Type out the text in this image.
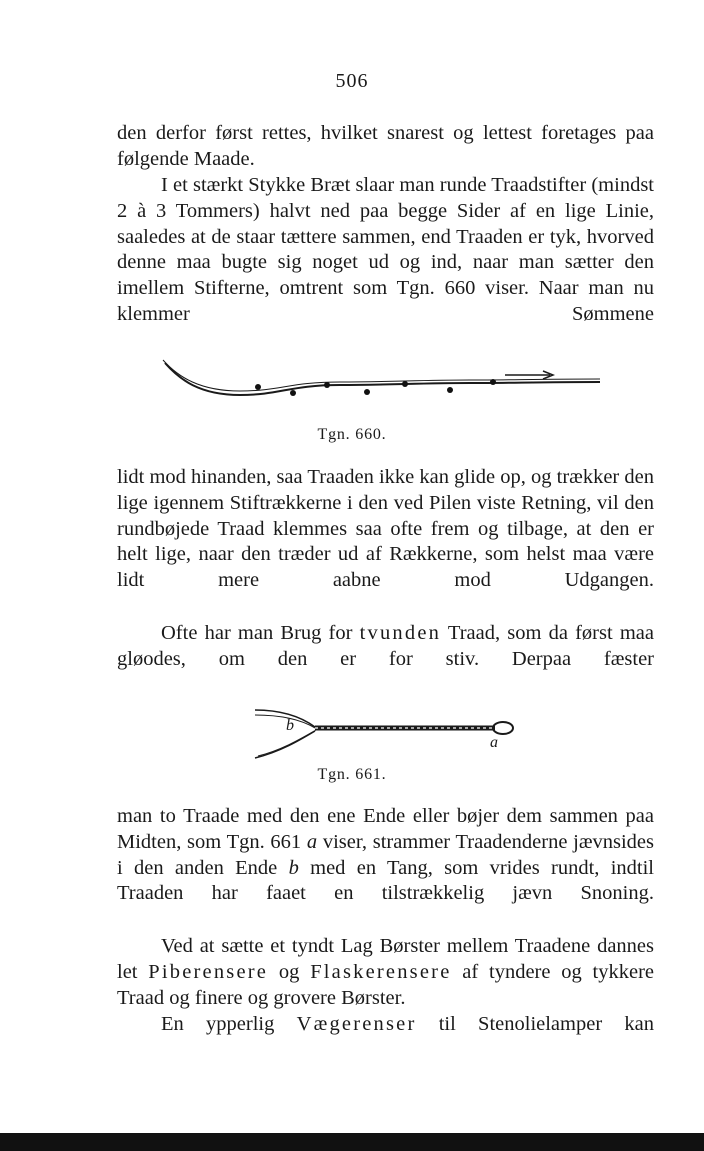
506

den derfor først rettes, hvilket snarest og lettest foretages paa følgende Maade.

I et stærkt Stykke Bræt slaar man runde Traadstifter (mindst 2 à 3 Tommers) halvt ned paa begge Sider af en lige Linie, saaledes at de staar tættere sammen, end Traaden er tyk, hvorved denne maa bugte sig noget ud og ind, naar man sætter den imellem Stifterne, omtrent som Tgn. 660 viser. Naar man nu klemmer Sømmene

Tgn. 660.

lidt mod hinanden, saa Traaden ikke kan glide op, og trækker den lige igennem Stiftrækkerne i den ved Pilen viste Retning, vil den rundbøjede Traad klemmes saa ofte frem og tilbage, at den er helt lige, naar den træder ud af Rækkerne, som helst maa være lidt mere aabne mod Udgangen.

Ofte har man Brug for tvunden Traad, som da først maa gløodes, om den er for stiv. Derpaa fæster

b
a
Tgn. 661.

man to Traade med den ene Ende eller bøjer dem sammen paa Midten, som Tgn. 661 a viser, strammer Traadenderne jævnsides i den anden Ende b med en Tang, som vrides rundt, indtil Traaden har faaet en tilstrækkelig jævn Snoning.

Ved at sætte et tyndt Lag Børster mellem Traadene dannes let Piberensere og Flaskerensere af tyndere og tykkere Traad og finere og grovere Børster.

En ypperlig Vægerenser til Stenolielamper kan
